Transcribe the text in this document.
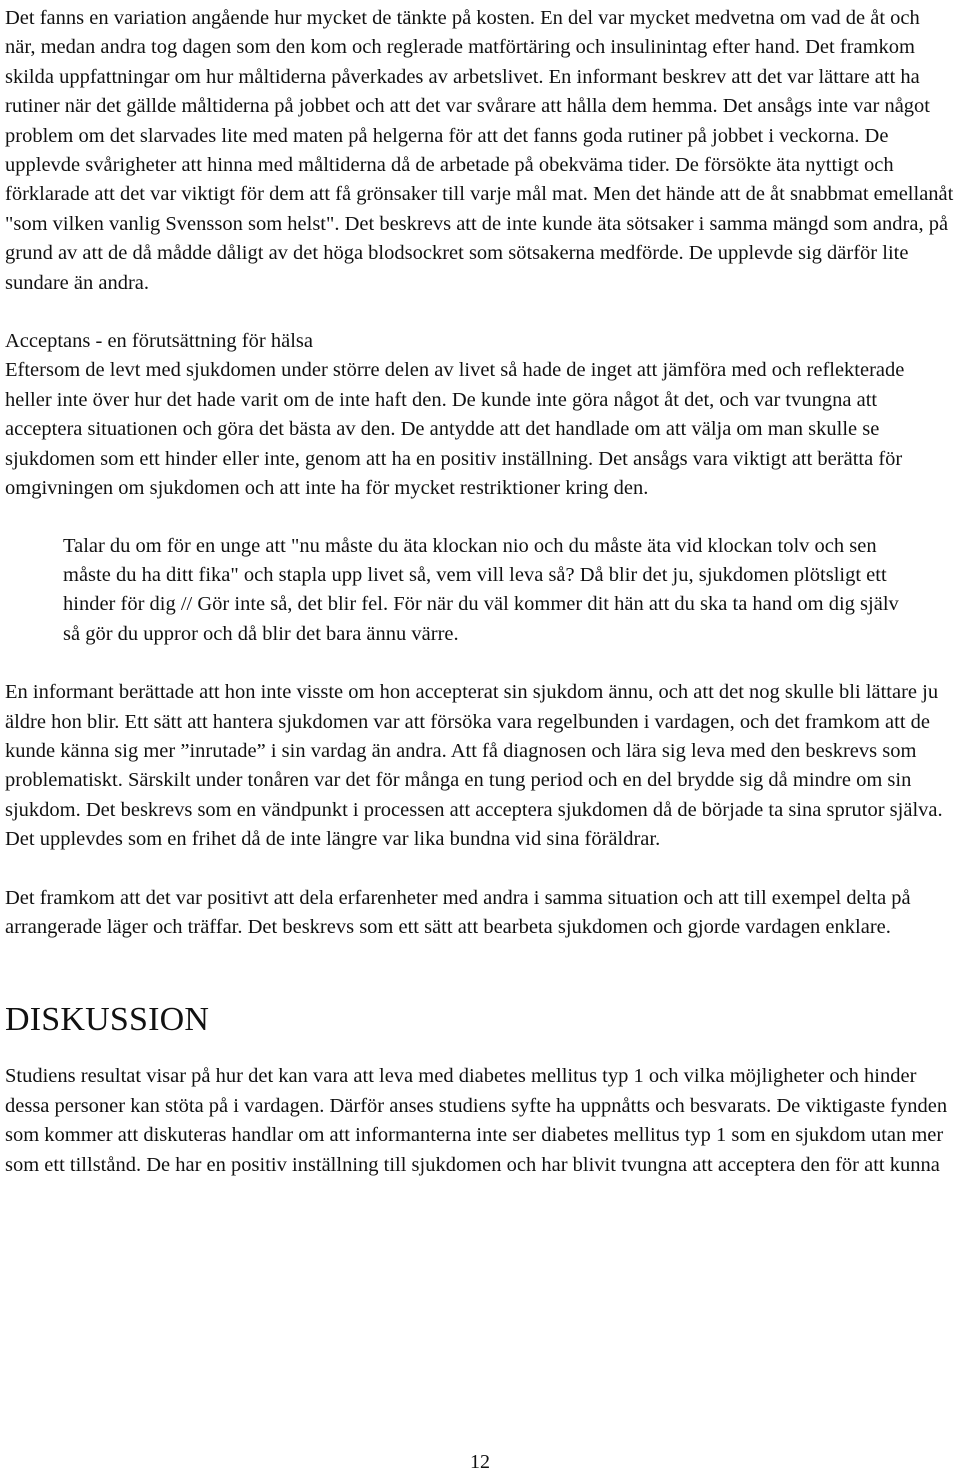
Det fanns en variation angående hur mycket de tänkte på kosten. En del var mycket medvetna om vad de åt och när, medan andra tog dagen som den kom och reglerade matförtäring och insulinintag efter hand. Det framkom skilda uppfattningar om hur måltiderna påverkades av arbetslivet. En informant beskrev att det var lättare att ha rutiner när det gällde måltiderna på jobbet och att det var svårare att hålla dem hemma. Det ansågs inte var något problem om det slarvades lite med maten på helgerna för att det fanns goda rutiner på jobbet i veckorna. De upplevde svårigheter att hinna med måltiderna då de arbetade på obekväma tider. De försökte äta nyttigt och förklarade att det var viktigt för dem att få grönsaker till varje mål mat. Men det hände att de åt snabbmat emellanåt "som vilken vanlig Svensson som helst". Det beskrevs att de inte kunde äta sötsaker i samma mängd som andra, på grund av att de då mådde dåligt av det höga blodsockret som sötsakerna medförde. De upplevde sig därför lite sundare än andra.

Acceptans - en förutsättning för hälsa

Eftersom de levt med sjukdomen under större delen av livet så hade de inget att jämföra med och reflekterade heller inte över hur det hade varit om de inte haft den. De kunde inte göra något åt det, och var tvungna att acceptera situationen och göra det bästa av den. De antydde att det handlade om att välja om man skulle se sjukdomen som ett hinder eller inte, genom att ha en positiv inställning. Det ansågs vara viktigt att berätta för omgivningen om sjukdomen och att inte ha för mycket restriktioner kring den.

Talar du om för en unge att "nu måste du äta klockan nio och du måste äta vid klockan tolv och sen måste du ha ditt fika" och stapla upp livet så, vem vill leva så? Då blir det ju, sjukdomen plötsligt ett hinder för dig // Gör inte så, det blir fel. För när du väl kommer dit hän att du ska ta hand om dig själv så gör du uppror och då blir det bara ännu värre.

En informant berättade att hon inte visste om hon accepterat sin sjukdom ännu, och att det nog skulle bli lättare ju äldre hon blir. Ett sätt att hantera sjukdomen var att försöka vara regelbunden i vardagen, och det framkom att de kunde känna sig mer ”inrutade” i sin vardag än andra. Att få diagnosen och lära sig leva med den beskrevs som problematiskt. Särskilt under tonåren var det för många en tung period och en del brydde sig då mindre om sin sjukdom. Det beskrevs som en vändpunkt i processen att acceptera sjukdomen då de började ta sina sprutor själva. Det upplevdes som en frihet då de inte längre var lika bundna vid sina föräldrar.

Det framkom att det var positivt att dela erfarenheter med andra i samma situation och att till exempel delta på arrangerade läger och träffar. Det beskrevs som ett sätt att bearbeta sjukdomen och gjorde vardagen enklare.

DISKUSSION

Studiens resultat visar på hur det kan vara att leva med diabetes mellitus typ 1 och vilka möjligheter och hinder dessa personer kan stöta på i vardagen. Därför anses studiens syfte ha uppnåtts och besvarats. De viktigaste fynden som kommer att diskuteras handlar om att informanterna inte ser diabetes mellitus typ 1 som en sjukdom utan mer som ett tillstånd. De har en positiv inställning till sjukdomen och har blivit tvungna att acceptera den för att kunna

12
